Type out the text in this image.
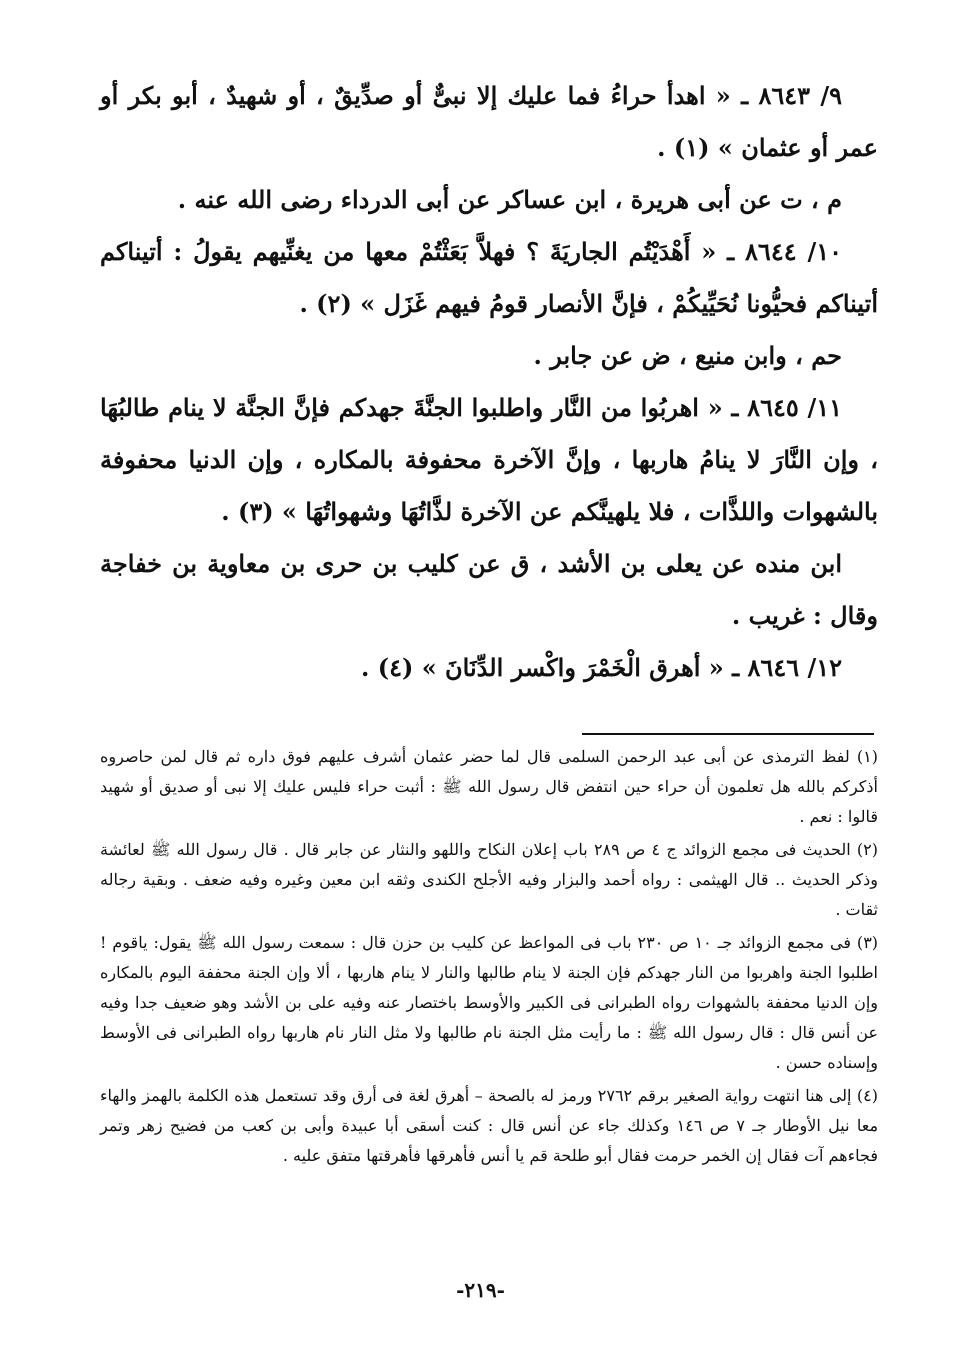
٩/ ٨٦٤٣ ـ « اهدأ حراءُ فما عليك إلا نبىٌّ أو صدِّيقٌ ، أو شهيدٌ ، أبو بكر أو عمر أو عثمان » (١) .

م ، ت عن أبى هريرة ، ابن عساكر عن أبى الدرداء رضى الله عنه .

١٠/ ٨٦٤٤ ـ « أَهْدَيْتُم الجاريَةَ ؟ فهلاَّ بَعَثْتُمْ معها من يغنِّيهم يقولُ : أتيناكم أتيناكم فحيُّونا نُحَيِّيكُمْ ، فإنَّ الأنصار قومُ فيهم غَزَل » (٢) .

حم ، وابن منيع ، ض عن جابر .

١١/ ٨٦٤٥ ـ « اهربُوا من النَّار واطلبوا الجنَّةَ جهدكم فإنَّ الجنَّة لا ينام طالبُهَا ، وإن النَّارَ لا ينامُ هاربها ، وإنَّ الآخرة محفوفة بالمكاره ، وإن الدنيا محفوفة بالشهوات واللذَّات ، فلا يلهينَّكم عن الآخرة لذَّاتُهَا وشهواتُهَا » (٣) .

ابن منده عن يعلى بن الأشد ، ق عن كليب بن حرى بن معاوية بن خفاجة وقال : غريب .

١٢/ ٨٦٤٦ ـ « أهرق الْخَمْرَ واكْسر الدِّنَانَ » (٤) .

(١) لفظ الترمذى عن أبى عبد الرحمن السلمى قال لما حضر عثمان أشرف عليهم فوق داره ثم قال لمن حاصروه أذكركم بالله هل تعلمون أن حراء حين انتفض قال رسول الله ﷺ : أثبت حراء فليس عليك إلا نبى أو صديق أو شهيد قالوا : نعم .

(٢) الحديث فى مجمع الزوائد ج ٤ ص ٢٨٩ باب إعلان النكاح واللهو والنثار عن جابر قال . قال رسول الله ﷺ لعائشة وذكر الحديث .. قال الهيثمى : رواه أحمد والبزار وفيه الأجلح الكندى وثقه ابن معين وغيره وفيه ضعف . وبقية رجاله ثقات .

(٣) فى مجمع الزوائد جـ ١٠ ص ٢٣٠ باب فى المواعظ عن كليب بن حزن قال : سمعت رسول الله ﷺ يقول: ياقوم ! اطلبوا الجنة واهربوا من النار جهدكم فإن الجنة لا ينام طالبها والنار لا ينام هاربها ، ألا وإن الجنة محففة اليوم بالمكاره وإن الدنيا محففة بالشهوات رواه الطبرانى فى الكبير والأوسط باختصار عنه وفيه على بن الأشد وهو ضعيف جدا وفيه عن أنس قال : قال رسول الله ﷺ : ما رأيت مثل الجنة نام طالبها ولا مثل النار نام هاربها رواه الطبرانى فى الأوسط وإسناده حسن .

(٤) إلى هنا انتهت رواية الصغير برقم ٢٧٦٢ ورمز له بالصحة – أهرق لغة فى أرق وقد تستعمل هذه الكلمة بالهمز والهاء معا نيل الأوطار جـ ٧ ص ١٤٦ وكذلك جاء عن أنس قال : كنت أسقى أبا عبيدة وأبى بن كعب من فضيح زهر وتمر فجاءهم آت فقال إن الخمر حرمت فقال أبو طلحة قم يا أنس فأهرقها فأهرقتها متفق عليه .

-٢١٩-
